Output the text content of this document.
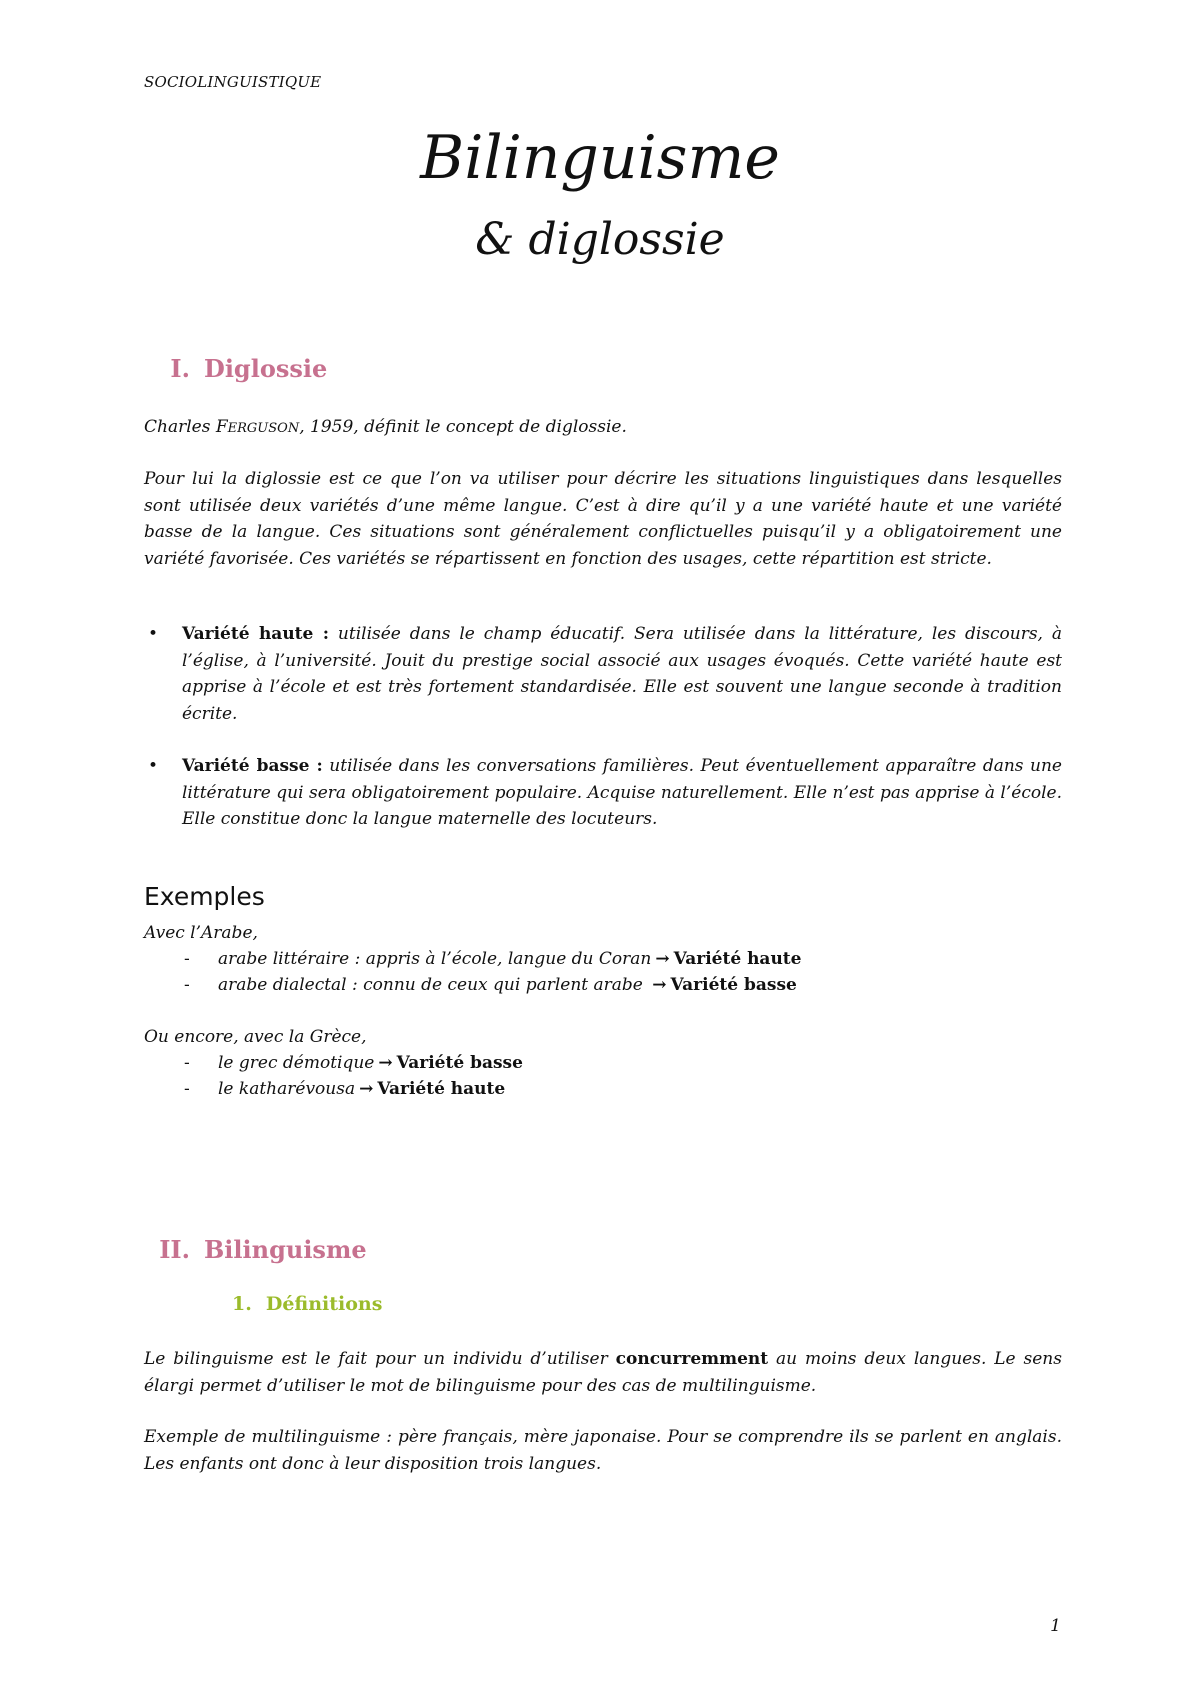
SOCIOLINGUISTIQUE
Bilinguisme
& diglossie
I. Diglossie

Charles FERGUSON, 1959, définit le concept de diglossie.

Pour lui la diglossie est ce que l’on va utiliser pour décrire les situations linguistiques dans lesquelles sont utilisée deux variétés d’une même langue. C’est à dire qu’il y a une variété haute et une variété basse de la langue. Ces situations sont généralement conflictuelles puisqu’il y a obligatoirement une variété favorisée. Ces variétés se répartissent en fonction des usages, cette répartition est stricte.

• Variété haute : utilisée dans le champ éducatif. Sera utilisée dans la littérature, les discours, à l’église, à l’université. Jouit du prestige social associé aux usages évoqués. Cette variété haute est apprise à l’école et est très fortement standardisée. Elle est souvent une langue seconde à tradition écrite.
• Variété basse : utilisée dans les conversations familières. Peut éventuellement apparaître dans une littérature qui sera obligatoirement populaire. Acquise naturellement. Elle n’est pas apprise à l’école. Elle constitue donc la langue maternelle des locuteurs.
Exemples
Avec l’Arabe,
- arabe littéraire : appris à l’école, langue du Coran → Variété haute
- arabe dialectal : connu de ceux qui parlent arabe → Variété basse
Ou encore, avec la Grèce,
- le grec démotique → Variété basse
- le katharévousa → Variété haute
II. Bilinguisme
1. Définitions

Le bilinguisme est le fait pour un individu d’utiliser concurremment au moins deux langues. Le sens élargi permet d’utiliser le mot de bilinguisme pour des cas de multilinguisme.

Exemple de multilinguisme : père français, mère japonaise. Pour se comprendre ils se parlent en anglais. Les enfants ont donc à leur disposition trois langues.

1
